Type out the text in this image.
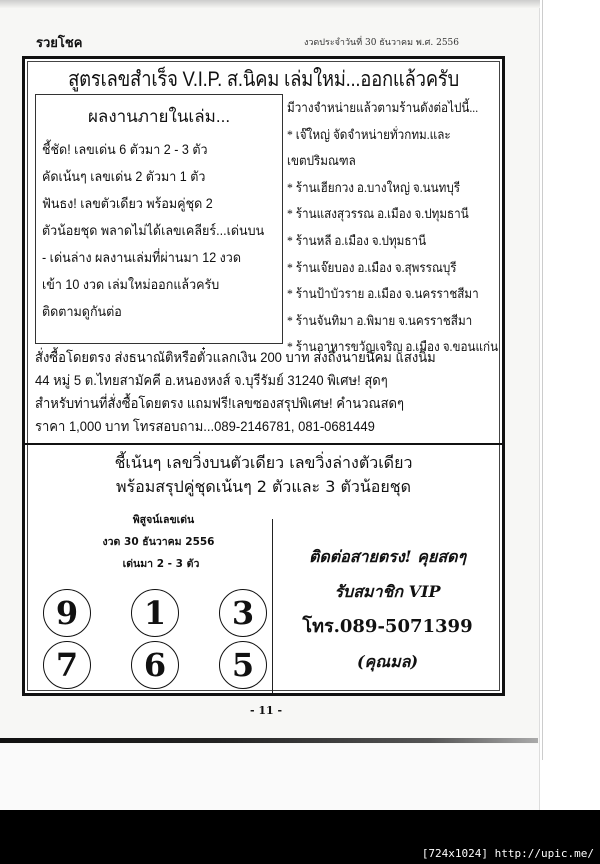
รวยโชค	งวดประจำวันที่ 30 ธันวาคม พ.ศ. 2556
สูตรเลขสำเร็จ V.I.P. ส.นิคม เล่มใหม่...ออกแล้วครับ
ผลงานภายในเล่ม...
ชี้ชัด! เลขเด่น 6 ตัวมา 2 - 3 ตัว
คัดเน้นๆ เลขเด่น 2 ตัวมา 1 ตัว
ฟันธง! เลขตัวเดียว พร้อมคู่ชุด 2
ตัวน้อยชุด พลาดไม่ได้เลขเคลียร์...เด่นบน
- เด่นล่าง ผลงานเล่มที่ผ่านมา 12 งวด
เข้า 10 งวด เล่มใหม่ออกแล้วครับ
ติดตามดูกันต่อ
มีวางจำหน่ายแล้วตามร้านดังต่อไปนี้...
* เจ๊ใหญ่ จัดจำหน่ายทั่วกทม.และ
เขตปริมณฑล
* ร้านเฮียกวง อ.บางใหญ่ จ.นนทบุรี
* ร้านแสงสุวรรณ อ.เมือง จ.ปทุมธานี
* ร้านหลี อ.เมือง จ.ปทุมธานี
* ร้านเจ๊ยบอง อ.เมือง จ.สุพรรณบุรี
* ร้านป้าบัวราย อ.เมือง จ.นครราชสีมา
* ร้านจันทิมา อ.พิมาย จ.นครราชสีมา
* ร้านอาหารขวัญเจริญ อ.เมือง จ.ขอนแก่น
สั่งซื้อโดยตรง ส่งธนาณัติหรือตั๋วแลกเงิน 200 บาท ส่งถึงนายนิคม แสงนิ่ม
44 หมู่ 5 ต.ไทยสามัคคี อ.หนองหงส์ จ.บุรีรัมย์ 31240 พิเศษ! สุดๆ
สำหรับท่านที่สั่งซื้อโดยตรง แถมฟรี!เลขซองสรุปพิเศษ! คำนวณสดๆ
ราคา 1,000 บาท โทรสอบถาม...089-2146781, 081-0681449
ชี้เน้นๆ เลขวิ่งบนตัวเดียว เลขวิ่งล่างตัวเดียว
พร้อมสรุปคู่ชุดเน้นๆ 2 ตัวและ 3 ตัวน้อยชุด
พิสูจน์เลขเด่น
งวด 30 ธันวาคม 2556
เด่นมา 2 - 3 ตัว
9	1	3
7	6	5
ติดต่อสายตรง! คุยสดๆ
รับสมาชิก VIP
โทร.089-5071399
(คุณมล)
- 11 -
[724x1024] http://upic.me/
